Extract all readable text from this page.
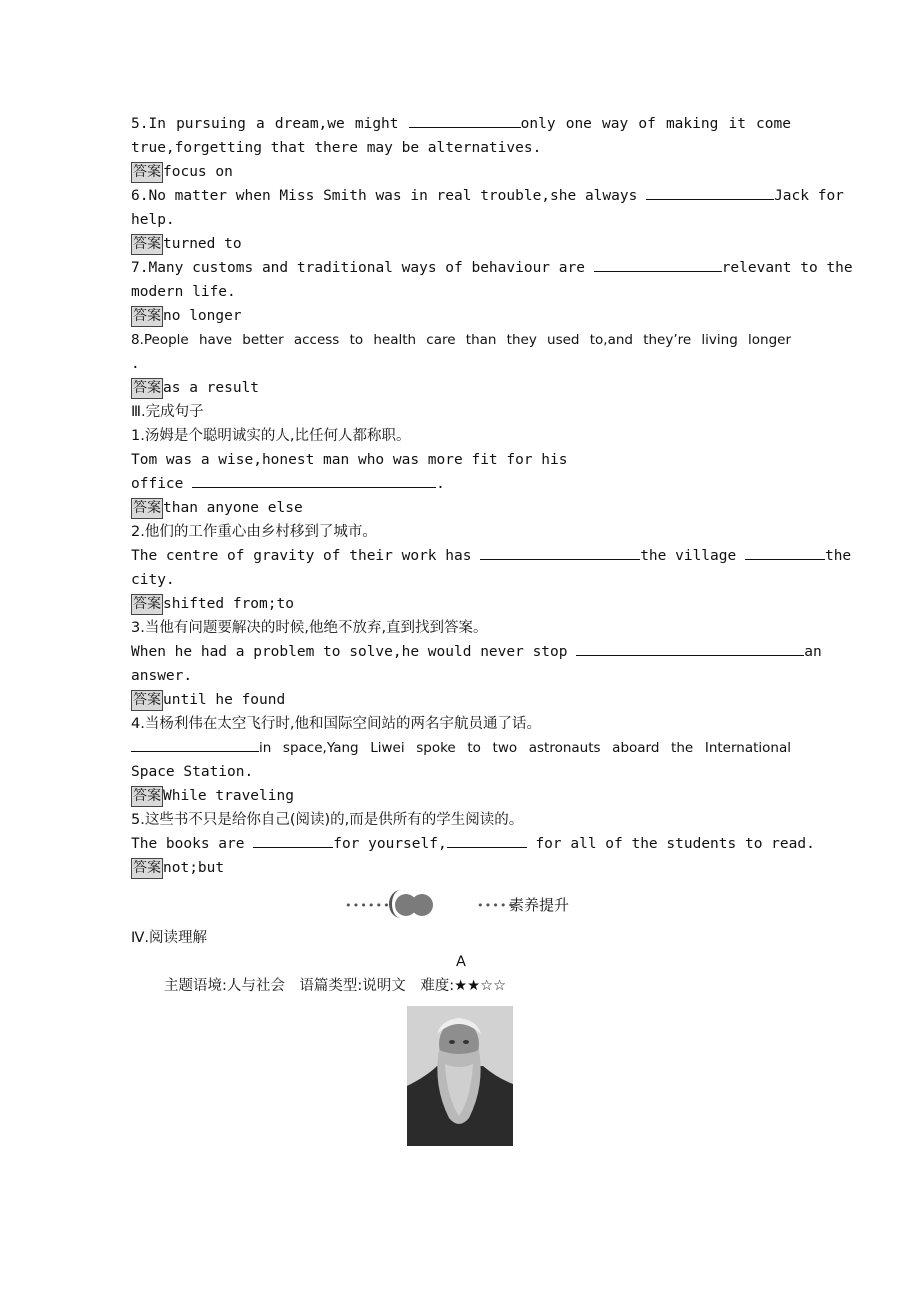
5.In pursuing a dream,we might	only one way of making it come
true,forgetting that there may be alternatives.
答案 focus on
6.No matter when Miss Smith was in real trouble,she always	Jack for
help.
答案 turned to
7.Many customs and traditional ways of behaviour are	relevant to the
modern life.
答案 no longer
8.People have better access to health care than they used to,and they’re living longer
.
答案 as a result
Ⅲ.完成句子
1.汤姆是个聪明诚实的人,比任何人都称职。
Tom was a wise,honest man who was more fit for his
office	.
答案 than anyone else
2.他们的工作重心由乡村移到了城市。
The centre of gravity of their work has	the village	the
city.
答案 shifted from;to
3.当他有问题要解决的时候,他绝不放弃,直到找到答案。
When he had a problem to solve,he would never stop	an
answer.
答案 until he found
4.当杨利伟在太空飞行时,他和国际空间站的两名宇航员通了话。
in space,Yang Liwei spoke to two astronauts aboard the International
Space Station.
答案 While traveling
5.这些书不只是给你自己(阅读)的,而是供所有的学生阅读的。
The books are	for yourself,	for all of the students to read.
答案 not;but
••••••	•••••
素养提升
Ⅳ.阅读理解
A
主题语境:人与社会　语篇类型:说明文　难度:★★☆☆
